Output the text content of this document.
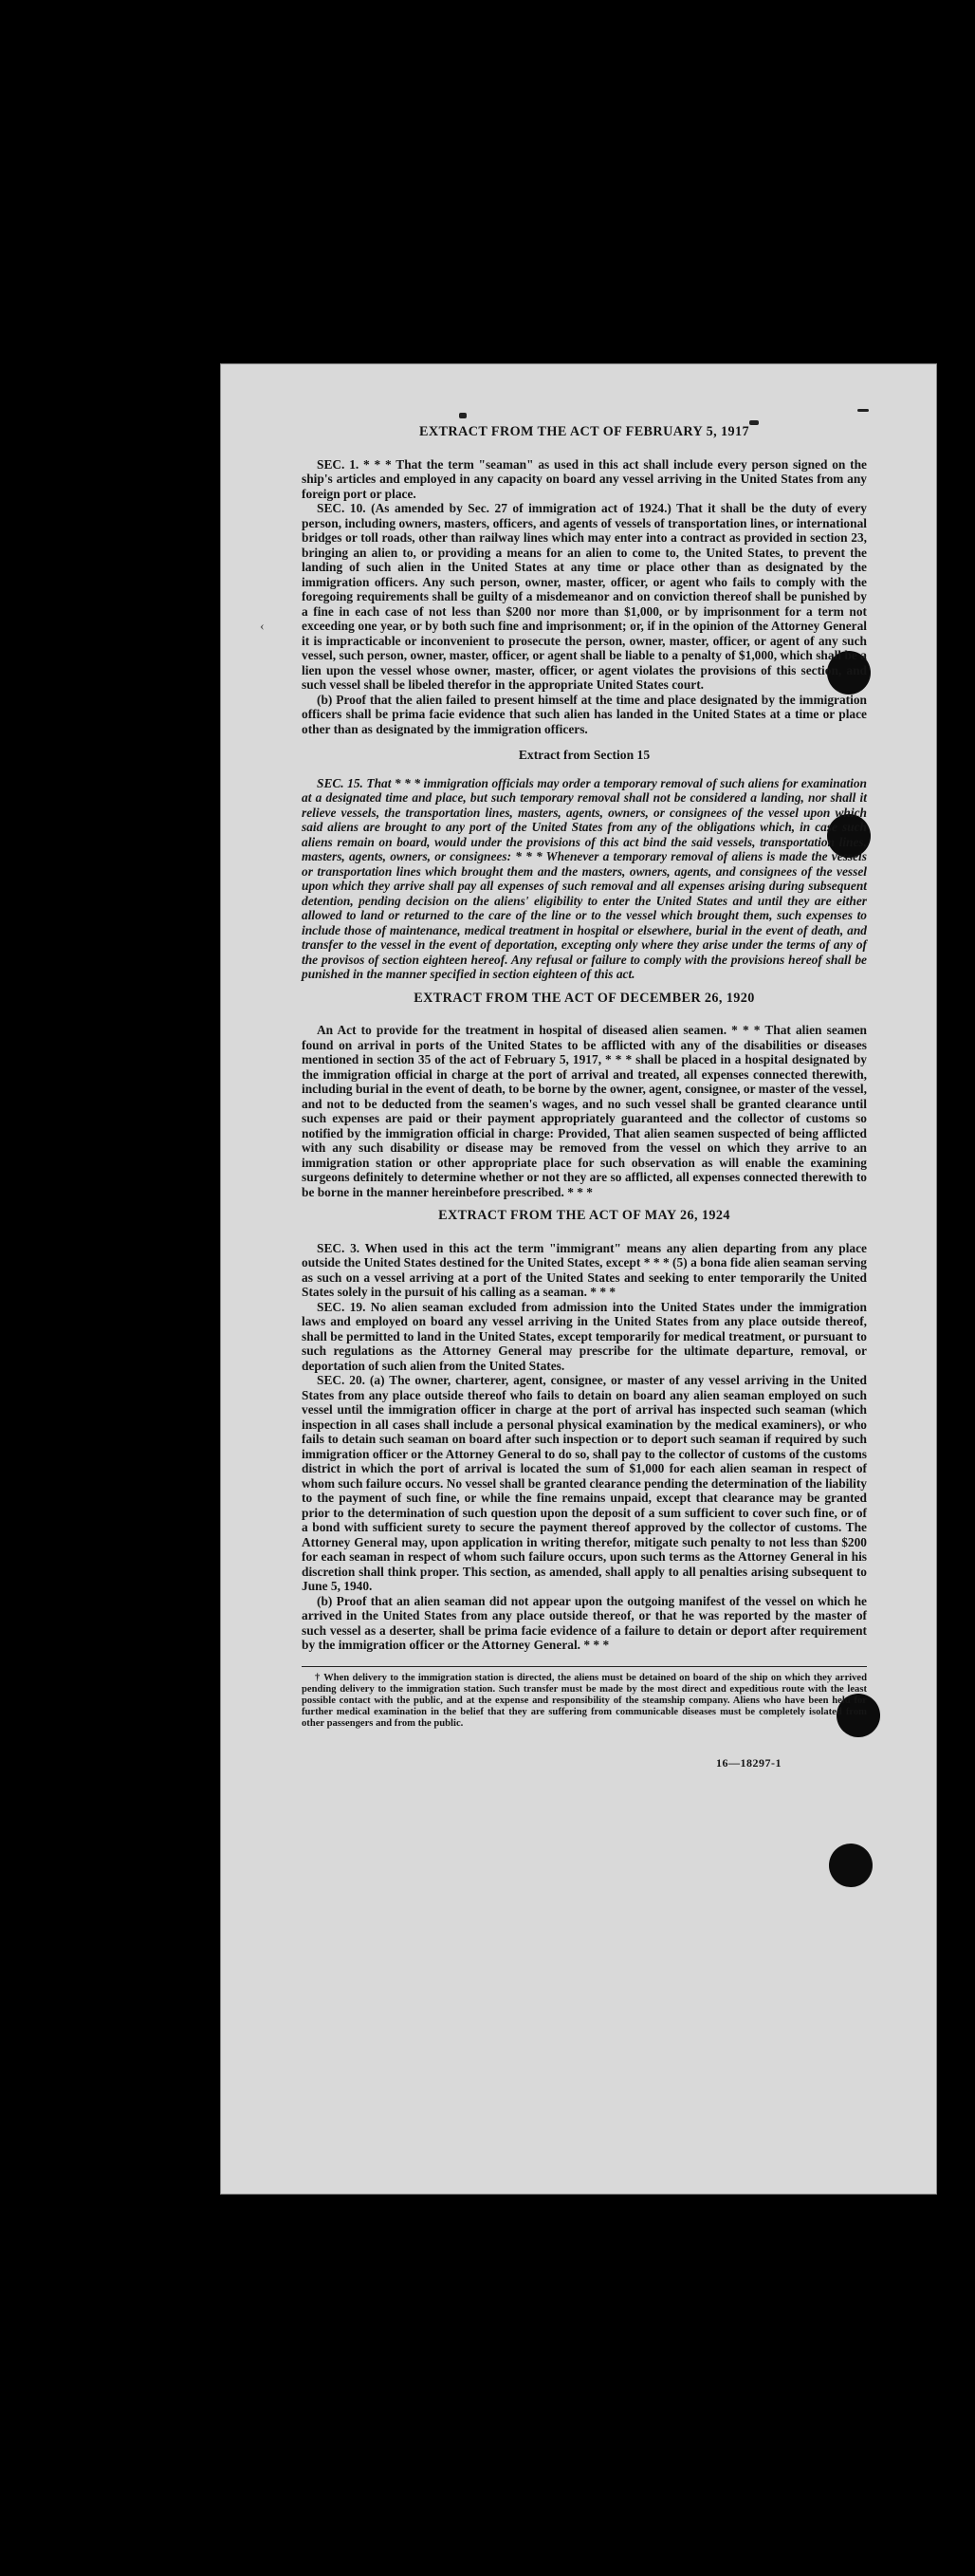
‹
EXTRACT FROM THE ACT OF FEBRUARY 5, 1917

SEC. 1. * * * That the term "seaman" as used in this act shall include every person signed on the ship's articles and employed in any capacity on board any vessel arriving in the United States from any foreign port or place.

SEC. 10. (As amended by Sec. 27 of immigration act of 1924.) That it shall be the duty of every person, including owners, masters, officers, and agents of vessels of transportation lines, or international bridges or toll roads, other than railway lines which may enter into a contract as provided in section 23, bringing an alien to, or providing a means for an alien to come to, the United States, to prevent the landing of such alien in the United States at any time or place other than as designated by the immigration officers. Any such person, owner, master, officer, or agent who fails to comply with the foregoing requirements shall be guilty of a misdemeanor and on conviction thereof shall be punished by a fine in each case of not less than $200 nor more than $1,000, or by imprisonment for a term not exceeding one year, or by both such fine and imprisonment; or, if in the opinion of the Attorney General it is impracticable or inconvenient to prosecute the person, owner, master, officer, or agent of any such vessel, such person, owner, master, officer, or agent shall be liable to a penalty of $1,000, which shall be a lien upon the vessel whose owner, master, officer, or agent violates the provisions of this section, and such vessel shall be libeled therefor in the appropriate United States court.

(b) Proof that the alien failed to present himself at the time and place designated by the immigration officers shall be prima facie evidence that such alien has landed in the United States at a time or place other than as designated by the immigration officers.

Extract from Section 15

SEC. 15. That * * * immigration officials may order a temporary removal of such aliens for examination at a designated time and place, but such temporary removal shall not be considered a landing, nor shall it relieve vessels, the transportation lines, masters, agents, owners, or consignees of the vessel upon which said aliens are brought to any port of the United States from any of the obligations which, in case such aliens remain on board, would under the provisions of this act bind the said vessels, transportation lines, masters, agents, owners, or consignees: * * * Whenever a temporary removal of aliens is made the vessels or transportation lines which brought them and the masters, owners, agents, and consignees of the vessel upon which they arrive shall pay all expenses of such removal and all expenses arising during subsequent detention, pending decision on the aliens' eligibility to enter the United States and until they are either allowed to land or returned to the care of the line or to the vessel which brought them, such expenses to include those of maintenance, medical treatment in hospital or elsewhere, burial in the event of death, and transfer to the vessel in the event of deportation, excepting only where they arise under the terms of any of the provisos of section eighteen hereof. Any refusal or failure to comply with the provisions hereof shall be punished in the manner specified in section eighteen of this act.

EXTRACT FROM THE ACT OF DECEMBER 26, 1920

An Act to provide for the treatment in hospital of diseased alien seamen. * * * That alien seamen found on arrival in ports of the United States to be afflicted with any of the disabilities or diseases mentioned in section 35 of the act of February 5, 1917, * * * shall be placed in a hospital designated by the immigration official in charge at the port of arrival and treated, all expenses connected therewith, including burial in the event of death, to be borne by the owner, agent, consignee, or master of the vessel, and not to be deducted from the seamen's wages, and no such vessel shall be granted clearance until such expenses are paid or their payment appropriately guaranteed and the collector of customs so notified by the immigration official in charge: Provided, That alien seamen suspected of being afflicted with any such disability or disease may be removed from the vessel on which they arrive to an immigration station or other appropriate place for such observation as will enable the examining surgeons definitely to determine whether or not they are so afflicted, all expenses connected therewith to be borne in the manner hereinbefore prescribed. * * *

EXTRACT FROM THE ACT OF MAY 26, 1924

SEC. 3. When used in this act the term "immigrant" means any alien departing from any place outside the United States destined for the United States, except * * * (5) a bona fide alien seaman serving as such on a vessel arriving at a port of the United States and seeking to enter temporarily the United States solely in the pursuit of his calling as a seaman. * * *

SEC. 19. No alien seaman excluded from admission into the United States under the immigration laws and employed on board any vessel arriving in the United States from any place outside thereof, shall be permitted to land in the United States, except temporarily for medical treatment, or pursuant to such regulations as the Attorney General may prescribe for the ultimate departure, removal, or deportation of such alien from the United States.

SEC. 20. (a) The owner, charterer, agent, consignee, or master of any vessel arriving in the United States from any place outside thereof who fails to detain on board any alien seaman employed on such vessel until the immigration officer in charge at the port of arrival has inspected such seaman (which inspection in all cases shall include a personal physical examination by the medical examiners), or who fails to detain such seaman on board after such inspection or to deport such seaman if required by such immigration officer or the Attorney General to do so, shall pay to the collector of customs of the customs district in which the port of arrival is located the sum of $1,000 for each alien seaman in respect of whom such failure occurs. No vessel shall be granted clearance pending the determination of the liability to the payment of such fine, or while the fine remains unpaid, except that clearance may be granted prior to the determination of such question upon the deposit of a sum sufficient to cover such fine, or of a bond with sufficient surety to secure the payment thereof approved by the collector of customs. The Attorney General may, upon application in writing therefor, mitigate such penalty to not less than $200 for each seaman in respect of whom such failure occurs, upon such terms as the Attorney General in his discretion shall think proper. This section, as amended, shall apply to all penalties arising subsequent to June 5, 1940.

(b) Proof that an alien seaman did not appear upon the outgoing manifest of the vessel on which he arrived in the United States from any place outside thereof, or that he was reported by the master of such vessel as a deserter, shall be prima facie evidence of a failure to detain or deport after requirement by the immigration officer or the Attorney General. * * *

† When delivery to the immigration station is directed, the aliens must be detained on board of the ship on which they arrived pending delivery to the immigration station. Such transfer must be made by the most direct and expeditious route with the least possible contact with the public, and at the expense and responsibility of the steamship company. Aliens who have been held for further medical examination in the belief that they are suffering from communicable diseases must be completely isolated from other passengers and from the public.

16—18297-1
